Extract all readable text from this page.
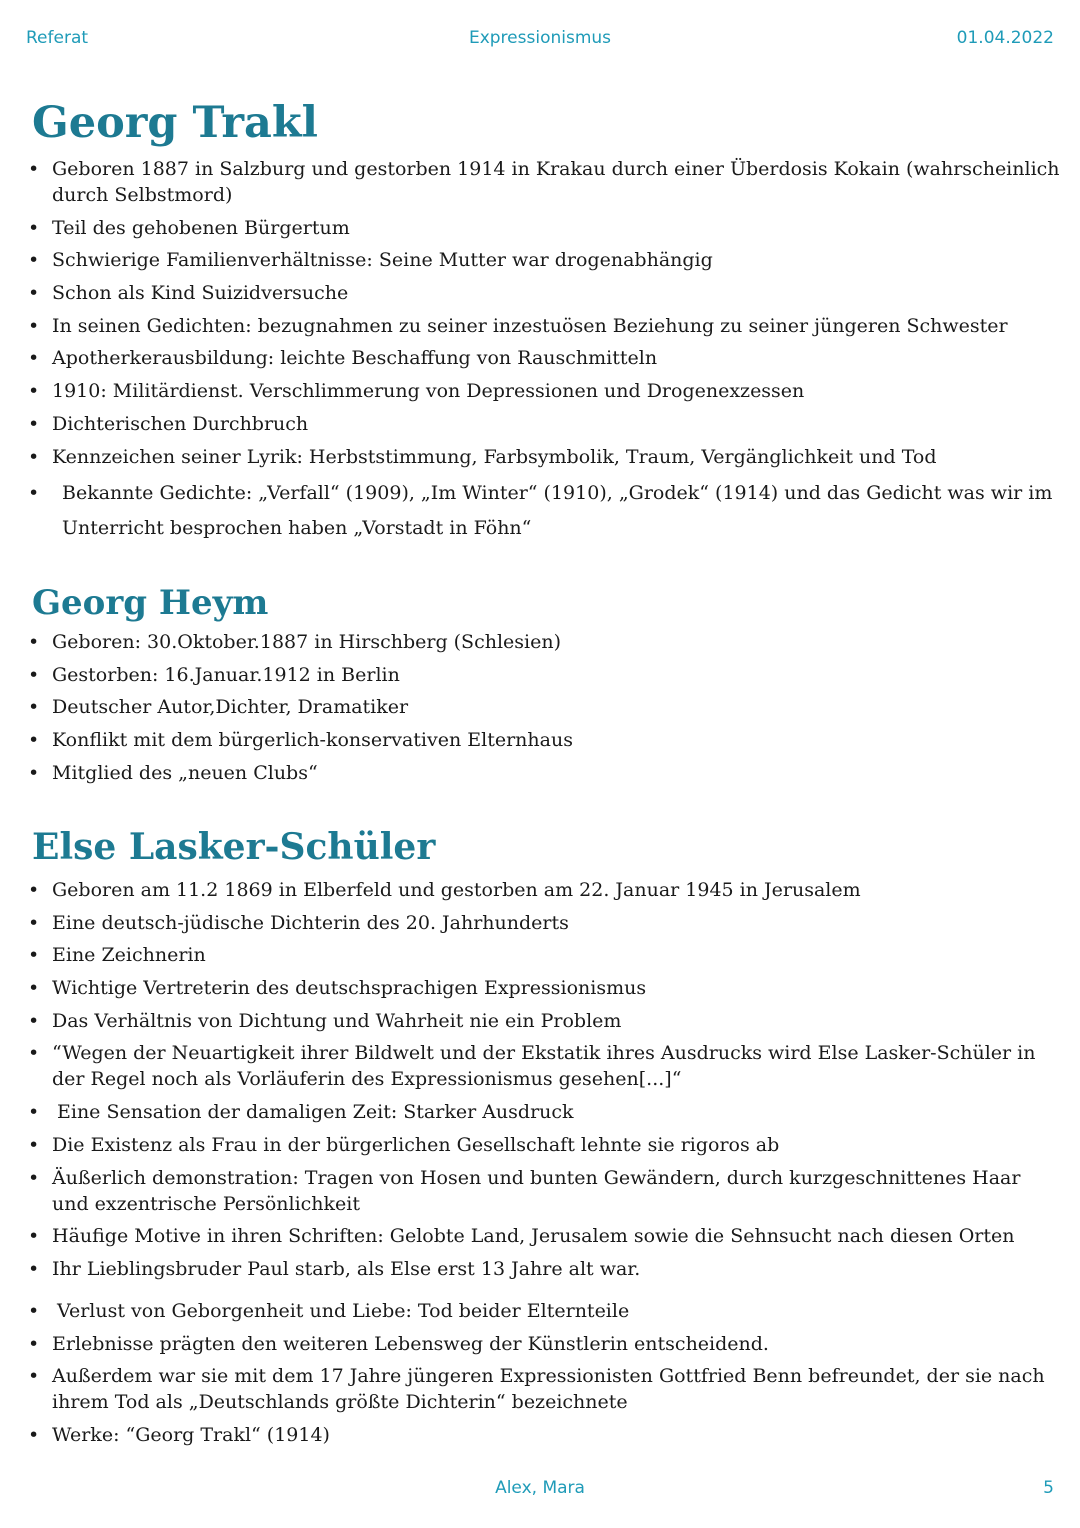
Referat	Expressionismus	01.04.2022
Georg Trakl
• Geboren 1887 in Salzburg und gestorben 1914 in Krakau durch einer Überdosis Kokain (wahrscheinlich durch Selbstmord)
• Teil des gehobenen Bürgertum
• Schwierige Familienverhältnisse: Seine Mutter war drogenabhängig
• Schon als Kind Suizidversuche
• In seinen Gedichten: bezugnahmen zu seiner inzestuösen Beziehung zu seiner jüngeren Schwester
• Apotherkerausbildung: leichte Beschaffung von Rauschmitteln
• 1910: Militärdienst. Verschlimmerung von Depressionen und Drogenexzessen
• Dichterischen Durchbruch
• Kennzeichen seiner Lyrik: Herbststimmung, Farbsymbolik, Traum, Vergänglichkeit und Tod
• Bekannte Gedichte: „Verfall“ (1909), „Im Winter“ (1910), „Grodek“ (1914) und das Gedicht was wir im Unterricht besprochen haben „Vorstadt in Föhn“
Georg Heym
• Geboren: 30.Oktober.1887 in Hirschberg (Schlesien)
• Gestorben: 16.Januar.1912 in Berlin
• Deutscher Autor,Dichter, Dramatiker
• Konflikt mit dem bürgerlich-konservativen Elternhaus
• Mitglied des „neuen Clubs“
Else Lasker-Schüler
• Geboren am 11.2 1869 in Elberfeld und gestorben am 22. Januar 1945 in Jerusalem
• Eine deutsch-jüdische Dichterin des 20. Jahrhunderts
• Eine Zeichnerin
• Wichtige Vertreterin des deutschsprachigen Expressionismus
• Das Verhältnis von Dichtung und Wahrheit nie ein Problem
• “Wegen der Neuartigkeit ihrer Bildwelt und der Ekstatik ihres Ausdrucks wird Else Lasker-Schüler in der Regel noch als Vorläuferin des Expressionismus gesehen[...]“
• Eine Sensation der damaligen Zeit: Starker Ausdruck
• Die Existenz als Frau in der bürgerlichen Gesellschaft lehnte sie rigoros ab
• Äußerlich demonstration: Tragen von Hosen und bunten Gewändern, durch kurzgeschnittenes Haar und exzentrische Persönlichkeit
• Häufige Motive in ihren Schriften: Gelobte Land, Jerusalem sowie die Sehnsucht nach diesen Orten
• Ihr Lieblingsbruder Paul starb, als Else erst 13 Jahre alt war.
• Verlust von Geborgenheit und Liebe: Tod beider Elternteile
• Erlebnisse prägten den weiteren Lebensweg der Künstlerin entscheidend.
• Außerdem war sie mit dem 17 Jahre jüngeren Expressionisten Gottfried Benn befreundet, der sie nach ihrem Tod als „Deutschlands größte Dichterin“ bezeichnete
• Werke: “Georg Trakl“ (1914)
Alex, Mara	5
